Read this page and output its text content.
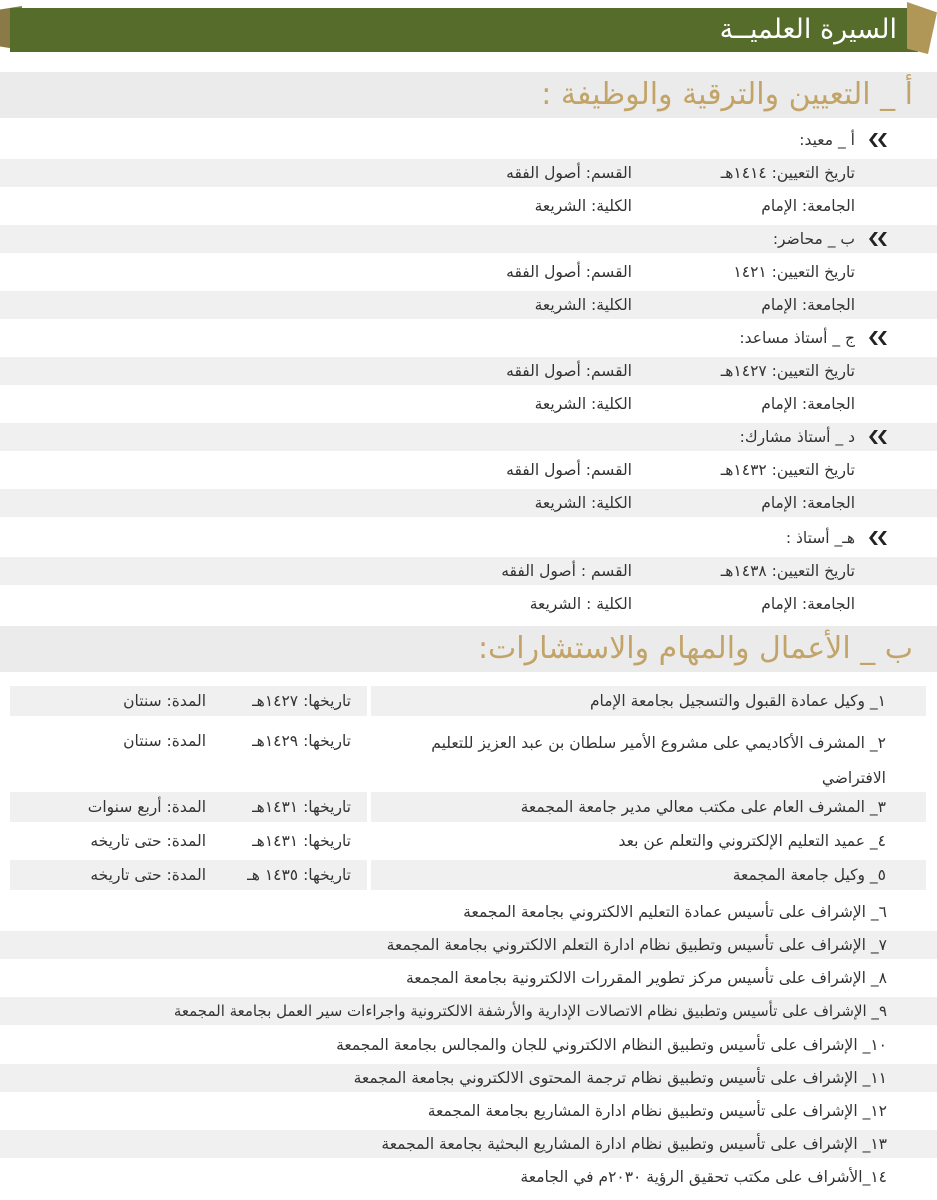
السيرة العلميــة
أ _ التعيين والترقية والوظيفة :
أ _ معيد:
تاريخ التعيين: ١٤١٤هـ
القسم: أصول الفقه
الجامعة: الإمام
الكلية: الشريعة
ب _ محاضر:
تاريخ التعيين: ١٤٢١
القسم: أصول الفقه
الجامعة: الإمام
الكلية: الشريعة
ج _ أستاذ مساعد:
تاريخ التعيين: ١٤٢٧هـ
القسم: أصول الفقه
الجامعة: الإمام
الكلية: الشريعة
د _ أستاذ مشارك:
تاريخ التعيين: ١٤٣٢هـ
القسم: أصول الفقه
الجامعة: الإمام
الكلية: الشريعة
هـ_ أستاذ :
تاريخ التعيين: ١٤٣٨هـ
القسم : أصول الفقه
الجامعة: الإمام
الكلية : الشريعة
ب _ الأعمال والمهام والاستشارات:
١_ وكيل عمادة القبول والتسجيل بجامعة الإمام
تاريخها: ١٤٢٧هـ
المدة: سنتان
٢_ المشرف الأكاديمي على مشروع الأمير سلطان بن عبد العزيز للتعليم الافتراضي
تاريخها: ١٤٢٩هـ
المدة: سنتان
٣_ المشرف العام على مكتب معالي مدير جامعة المجمعة
تاريخها: ١٤٣١هـ
المدة: أربع سنوات
٤_ عميد التعليم الإلكتروني والتعلم عن بعد
تاريخها: ١٤٣١هـ
المدة: حتى تاريخه
٥_ وكيل جامعة المجمعة
تاريخها: ١٤٣٥ هـ
المدة: حتى تاريخه
٦_ الإشراف على تأسيس عمادة التعليم الالكتروني بجامعة المجمعة
٧_ الإشراف على تأسيس وتطبيق نظام ادارة التعلم الالكتروني بجامعة المجمعة
٨_ الإشراف على تأسيس مركز تطوير المقررات الالكترونية بجامعة المجمعة
٩_ الإشراف على تأسيس وتطبيق نظام الاتصالات الإدارية والأرشفة الالكترونية واجراءات سير العمل بجامعة المجمعة
١٠_ الإشراف على تأسيس وتطبيق النظام الالكتروني للجان والمجالس بجامعة المجمعة
١١_ الإشراف على تأسيس وتطبيق نظام ترجمة المحتوى الالكتروني بجامعة المجمعة
١٢_ الإشراف على تأسيس وتطبيق نظام ادارة المشاريع بجامعة المجمعة
١٣_ الإشراف على تأسيس وتطبيق نظام ادارة المشاريع البحثية بجامعة المجمعة
١٤_الأشراف على مكتب تحقيق الرؤية ٢٠٣٠م في الجامعة
